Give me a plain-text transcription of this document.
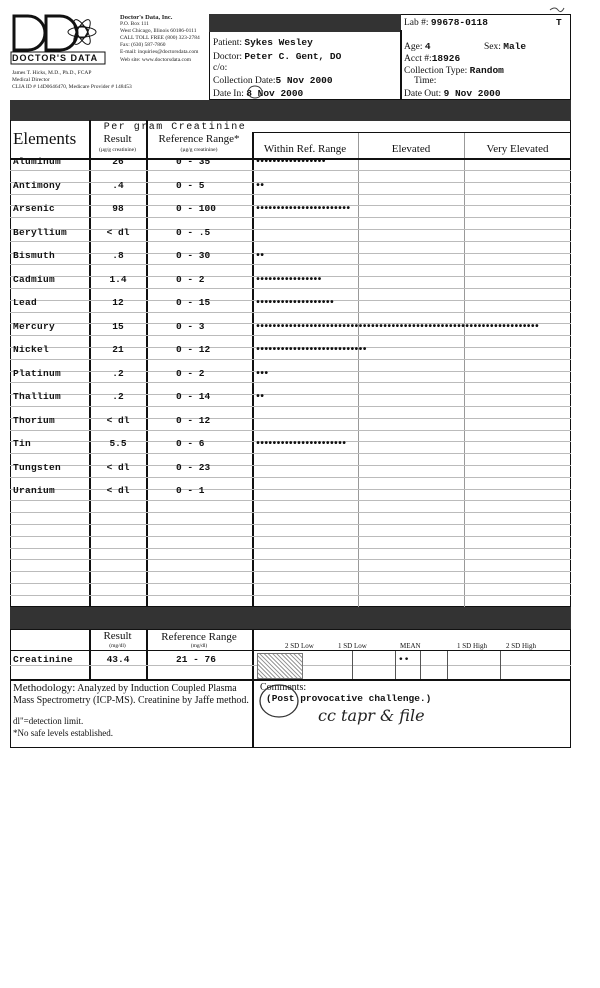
DOCTOR'S DATA
Doctor's Data, Inc.
P.O. Box 111
West Chicago, Illinois 60186-0111
CALL TOLL FREE (800) 323-2784
Fax: (630) 587-7860
E-mail: inquiries@doctorsdata.com
Web site: www.doctorsdata.com
James T. Hicks, M.D., Ph.D., FCAP
Medical Director
CLIA ID # 14D0646470, Medicare Provider # 148453
Patient: Sykes Wesley
Doctor: Peter C. Gent, DO
c/o:
Collection Date:5 Nov 2000
Date In: 8 Nov 2000
Lab #: 99678-0118	T
Age: 4	Sex: Male
Acct #:18926
Collection Type: Random
Time:
Date Out: 9 Nov 2000
Elements
Per gram Creatinine
Result
(µg/g creatinine)
Reference Range*
(µg/g creatinine)	Within Ref. Range	Elevated	Very Elevated
Aluminum	26	0 - 35	•••••••••••••••••
Antimony	.4	0 - 5	••
Arsenic	98	0 - 100	•••••••••••••••••••••••
Beryllium	< dl	0 - .5
Bismuth	.8	0 - 30	••
Cadmium	1.4	0 - 2	••••••••••••••••
Lead	12	0 - 15	•••••••••••••••••••
Mercury	15	0 - 3	•••••••••••••••••••••••••••••••••••••••••••••••••••••••••••••••••••••
Nickel	21	0 - 12	•••••••••••••••••••••••••••
Platinum	.2	0 - 2	•••
Thallium	.2	0 - 14	••
Thorium	< dl	0 - 12
Tin	5.5	0 - 6	••••••••••••••••••••••
Tungsten	< dl	0 - 23
Uranium	< dl	0 - 1
Result
(mg/dl)
Reference Range
(mg/dl)	2 SD Low	1 SD Low	MEAN	1 SD High	2 SD High
Creatinine	43.4	21 - 76	••
Methodology: Analyzed by Induction Coupled Plasma Mass Spectrometry (ICP-MS). Creatinine by Jaffe method.
dl"=detection limit.
*No safe levels established.
Comments:
(Post provocative challenge.)
cc tapr & file
